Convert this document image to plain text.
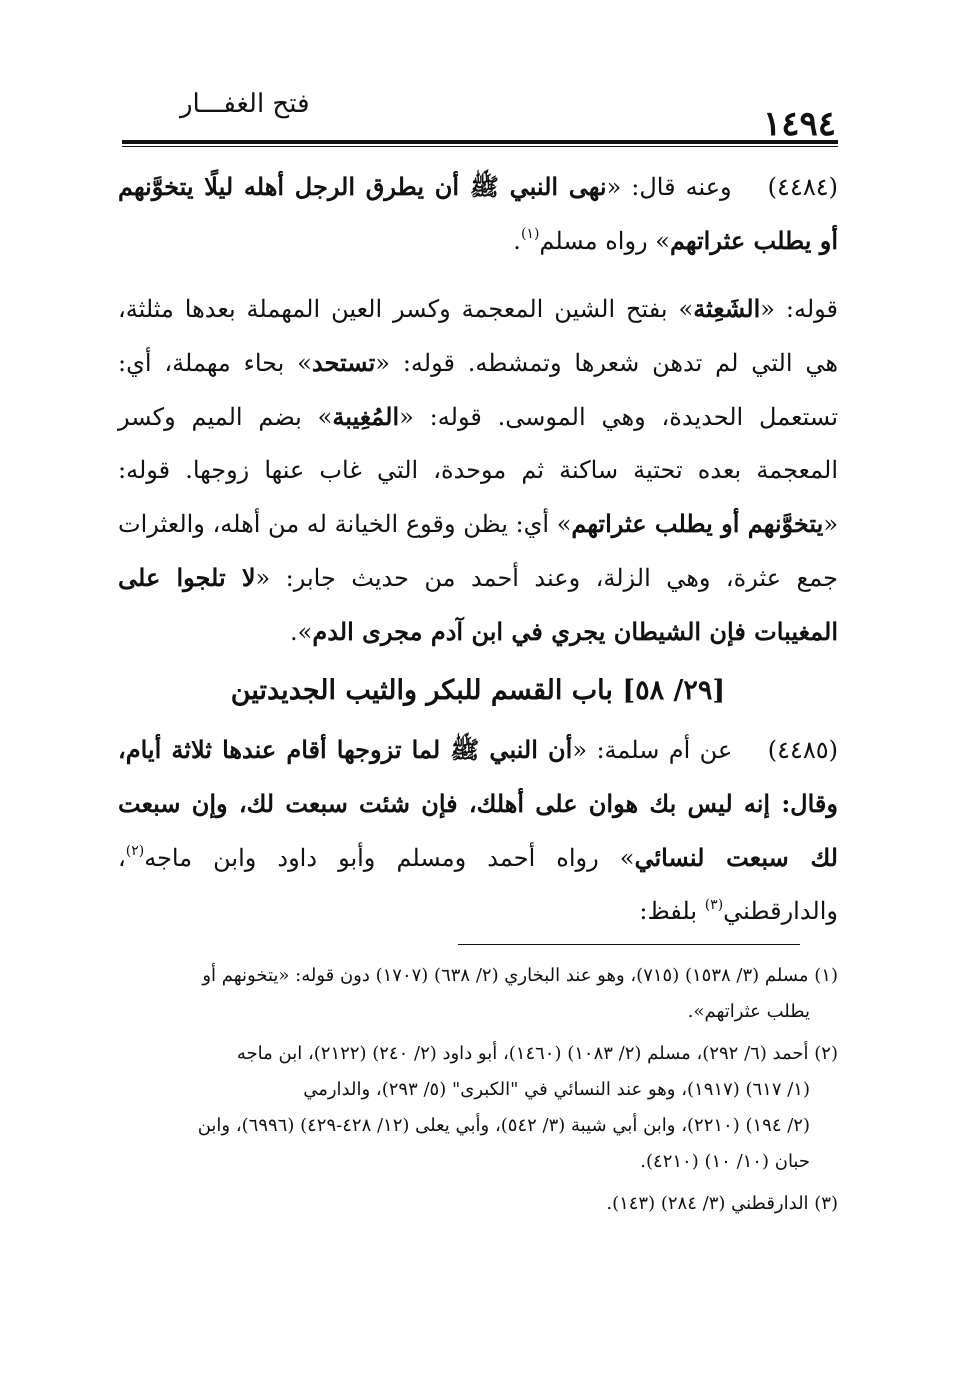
١٤٩٤
فتح الغفـــار

(٤٤٨٤) وعنه قال: «نهى النبي ﷺ أن يطرق الرجل أهله ليلًا يتخوَّنهم أو يطلب عثراتهم» رواه مسلم$^{(١)}$.

قوله: «الشَعِثة» بفتح الشين المعجمة وكسر العين المهملة بعدها مثلثة، هي التي لم تدهن شعرها وتمشطه. قوله: «تستحد» بحاء مهملة، أي: تستعمل الحديدة، وهي الموسى. قوله: «المُغِيبة» بضم الميم وكسر المعجمة بعده تحتية ساكنة ثم موحدة، التي غاب عنها زوجها. قوله: «يتخوَّنهم أو يطلب عثراتهم» أي: يظن وقوع الخيانة له من أهله، والعثرات جمع عثرة، وهي الزلة، وعند أحمد من حديث جابر: «لا تلجوا على المغيبات فإن الشيطان يجري في ابن آدم مجرى الدم».

[٢٩/ ٥٨] باب القسم للبكر والثيب الجديدتين

(٤٤٨٥) عن أم سلمة: «أن النبي ﷺ لما تزوجها أقام عندها ثلاثة أيام، وقال: إنه ليس بك هوان على أهلك، فإن شئت سبعت لك، وإن سبعت لك سبعت لنسائي» رواه أحمد ومسلم وأبو داود وابن ماجه$^{(٢)}$، والدارقطني$^{(٣)}$ بلفظ:

(١) مسلم (٣/ ١٥٣٨) (٧١٥)، وهو عند البخاري (٢/ ٦٣٨) (١٧٠٧) دون قوله: «يتخونهم أو
يطلب عثراتهم».

(٢) أحمد (٦/ ٢٩٢)، مسلم (٢/ ١٠٨٣) (١٤٦٠)، أبو داود (٢/ ٢٤٠) (٢١٢٢)، ابن ماجه
(١/ ٦١٧) (١٩١٧)، وهو عند النسائي في "الكبرى" (٥/ ٢٩٣)، والدارمي
(٢/ ١٩٤) (٢٢١٠)، وابن أبي شيبة (٣/ ٥٤٢)، وأبي يعلى (١٢/ ٤٢٨-٤٢٩) (٦٩٩٦)، وابن
حبان (١٠/ ١٠) (٤٢١٠).

(٣) الدارقطني (٣/ ٢٨٤) (١٤٣).
